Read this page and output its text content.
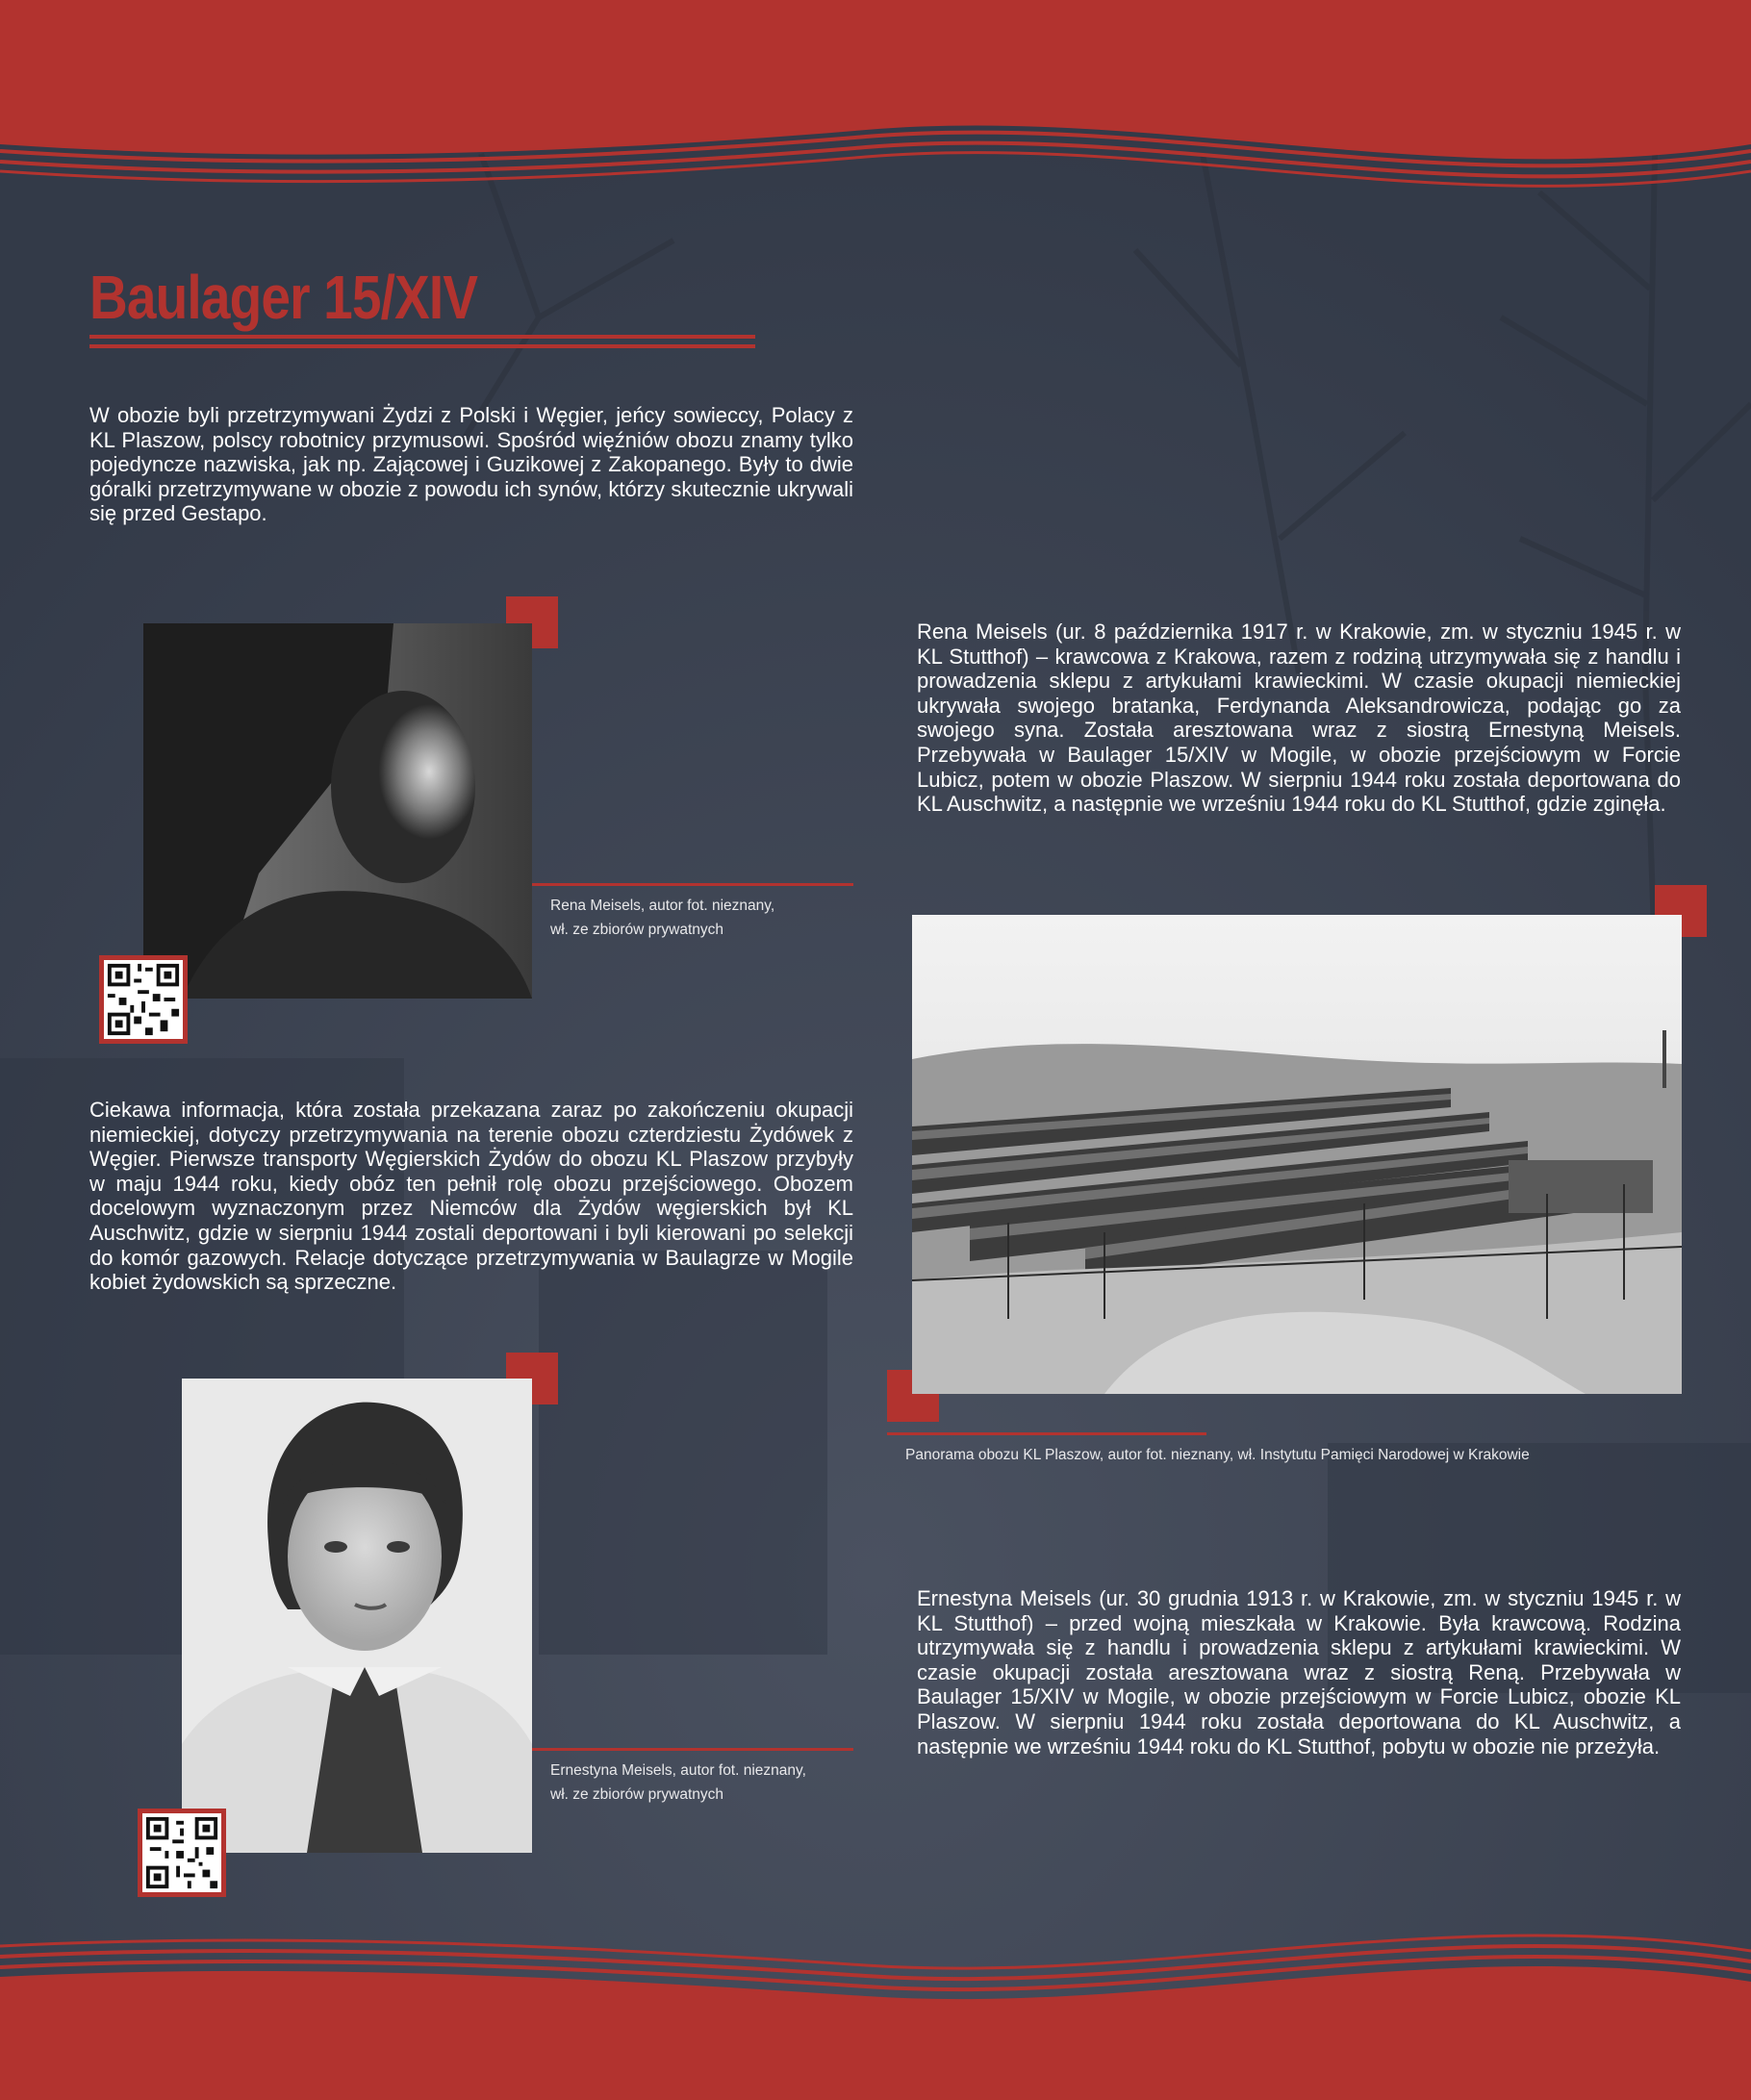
Baulager 15/XIV

W obozie byli przetrzymywani Żydzi z Polski i Węgier, jeńcy sowieccy, Polacy z KL Plaszow, polscy robotnicy przymusowi. Spośród więźniów obozu znamy tylko pojedyncze nazwiska, jak np. Zającowej i Guzikowej z Zakopanego. Były to dwie góralki przetrzymywane w obozie z powodu ich synów, którzy skutecznie ukrywali się przed Gestapo.

Rena Meisels, autor fot. nieznany,
wł. ze zbiorów prywatnych

Rena Meisels (ur. 8 października 1917 r. w Krakowie, zm. w styczniu 1945 r. w KL Stutthof) – krawcowa z Krakowa, razem z rodziną utrzymywała się z handlu i prowadzenia sklepu z artykułami krawieckimi. W czasie okupacji niemieckiej ukrywała swojego bratanka, Ferdynanda Aleksandrowicza, podając go za swojego syna. Została aresztowana wraz z siostrą Ernestyną Meisels. Przebywała w Baulager 15/XIV w Mogile, w obozie przejściowym w Forcie Lubicz, potem w obozie Plaszow. W sierpniu 1944 roku została deportowana do KL Auschwitz, a następnie we wrześniu 1944 roku do KL Stutthof, gdzie zginęła.

Ciekawa informacja, która została przekazana zaraz po zakończeniu okupacji niemieckiej, dotyczy przetrzymywania na terenie obozu czterdziestu Żydówek z Węgier. Pierwsze transporty Węgierskich Żydów do obozu KL Plaszow przybyły w maju 1944 roku, kiedy obóz ten pełnił rolę obozu przejściowego. Obozem docelowym wyznaczonym przez Niemców dla Żydów węgierskich był KL Auschwitz, gdzie w sierpniu 1944 zostali deportowani i byli kierowani po selekcji do komór gazowych. Relacje dotyczące przetrzymywania w Baulagrze w Mogile kobiet żydowskich są sprzeczne.

Panorama obozu KL Plaszow, autor fot. nieznany, wł. Instytutu Pamięci Narodowej w Krakowie

Ernestyna Meisels, autor fot. nieznany,
wł. ze zbiorów prywatnych

Ernestyna Meisels (ur. 30 grudnia 1913 r. w Krakowie, zm. w styczniu 1945 r. w KL Stutthof) – przed wojną mieszkała w Krakowie. Była krawcową. Rodzina utrzymywała się z handlu i prowadzenia sklepu z artykułami krawieckimi. W czasie okupacji została aresztowana wraz z siostrą Reną. Przebywała w Baulager 15/XIV w Mogile, w obozie przejściowym w Forcie Lubicz, obozie KL Plaszow. W sierpniu 1944 roku została deportowana do KL Auschwitz, a następnie we wrześniu 1944 roku do KL Stutthof, pobytu w obozie nie przeżyła.
